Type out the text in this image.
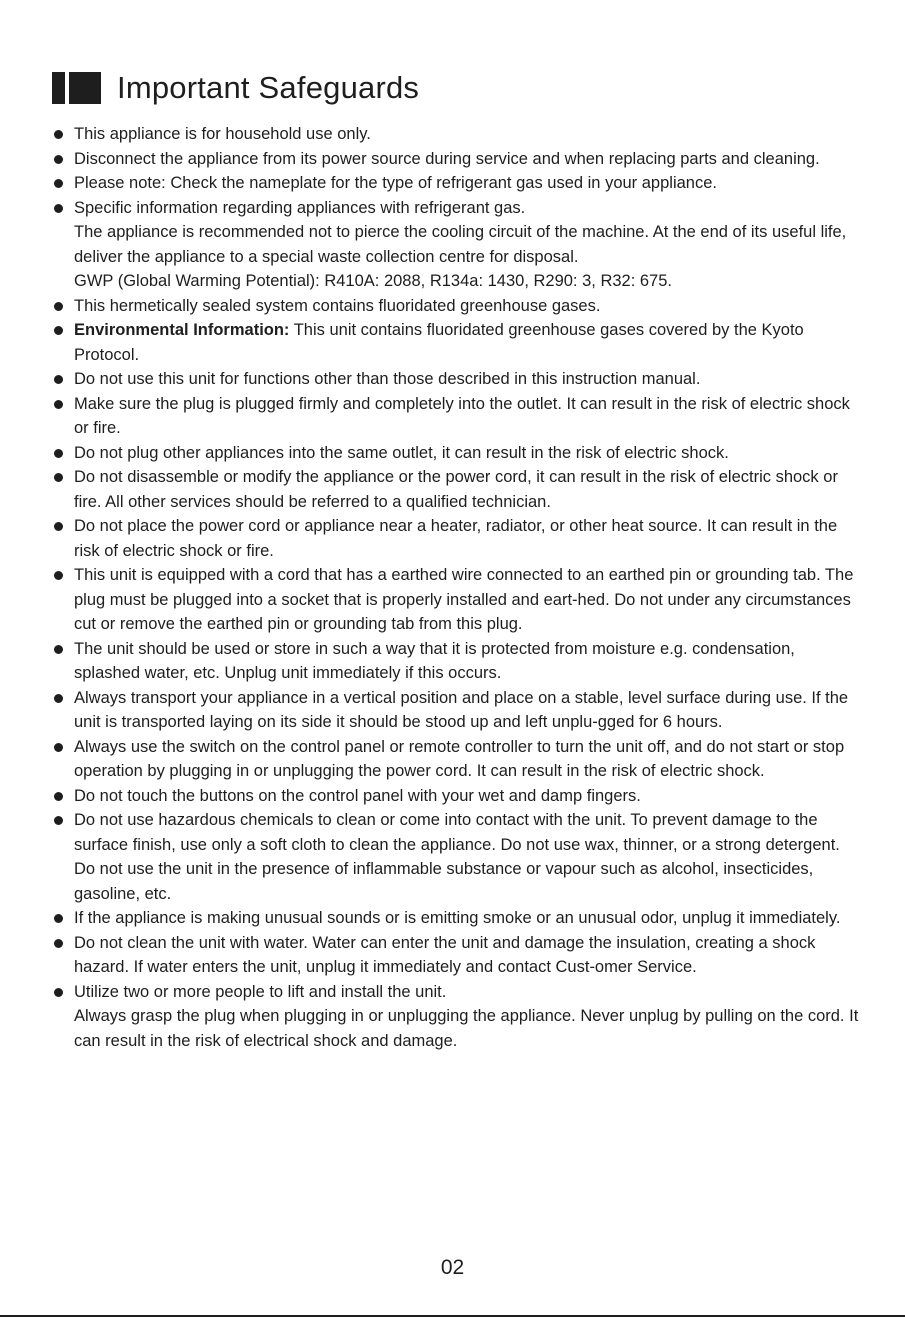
Important Safeguards

This appliance is for household use only.

Disconnect the appliance from its power source during service and when replacing parts and cleaning.

Please note: Check the nameplate for the type of refrigerant gas used in your appliance.

Specific information regarding appliances with refrigerant gas.

The appliance is recommended not to pierce the cooling circuit of the machine. At the end of its useful life, deliver the appliance to a special waste collection centre for disposal.

GWP (Global Warming Potential): R410A: 2088, R134a: 1430, R290: 3, R32: 675.

This hermetically sealed system contains fluoridated greenhouse gases.

Environmental Information: This unit contains fluoridated greenhouse gases covered by the Kyoto Protocol.

Do not use this unit for functions other than those described in this instruction manual.

Make sure the plug is plugged firmly and completely into the outlet. It can result in the risk of electric shock or fire.

Do not plug other appliances into the same outlet, it can result in the risk of electric shock.

Do not disassemble or modify the appliance or the power cord, it can result in the risk of electric shock or fire. All other services should be referred to a qualified technician.

Do not place the power cord or appliance near a heater, radiator, or other heat source. It can result in the risk of electric shock or fire.

This unit is equipped with a cord that has a earthed wire connected to an earthed pin or grounding tab. The plug must be plugged into a socket that is properly installed and eart-hed. Do not under any circumstances cut or remove the earthed pin or grounding tab from this plug.

The unit should be used or store in such a way that it is protected from moisture e.g. condensation, splashed water, etc. Unplug unit immediately if this occurs.

Always transport your appliance in a vertical position and place on a stable, level surface during use. If the unit is transported laying on its side it should be stood up and left unplu-gged for 6 hours.

Always use the switch on the control panel or remote controller to turn the unit off, and do not start or stop operation by plugging in or unplugging the power cord. It can result in the risk of electric shock.

Do not touch the buttons on the control panel with your wet and damp fingers.

Do not use hazardous chemicals to clean or come into contact with the unit. To prevent damage to the surface finish, use only a soft cloth to clean the appliance. Do not use wax, thinner, or a strong detergent. Do not use the unit in the presence of inflammable substance or vapour such as alcohol, insecticides, gasoline, etc.

If the appliance is making unusual sounds or is emitting smoke or an unusual odor, unplug it immediately.

Do not clean the unit with water. Water can enter the unit and damage the insulation, creating a shock hazard. If water enters the unit, unplug it immediately and contact Cust-omer Service.

Utilize two or more people to lift and install the unit.

Always grasp the plug when plugging in or unplugging the appliance. Never unplug by pulling on the cord. It can result in the risk of electrical shock and damage.

02
